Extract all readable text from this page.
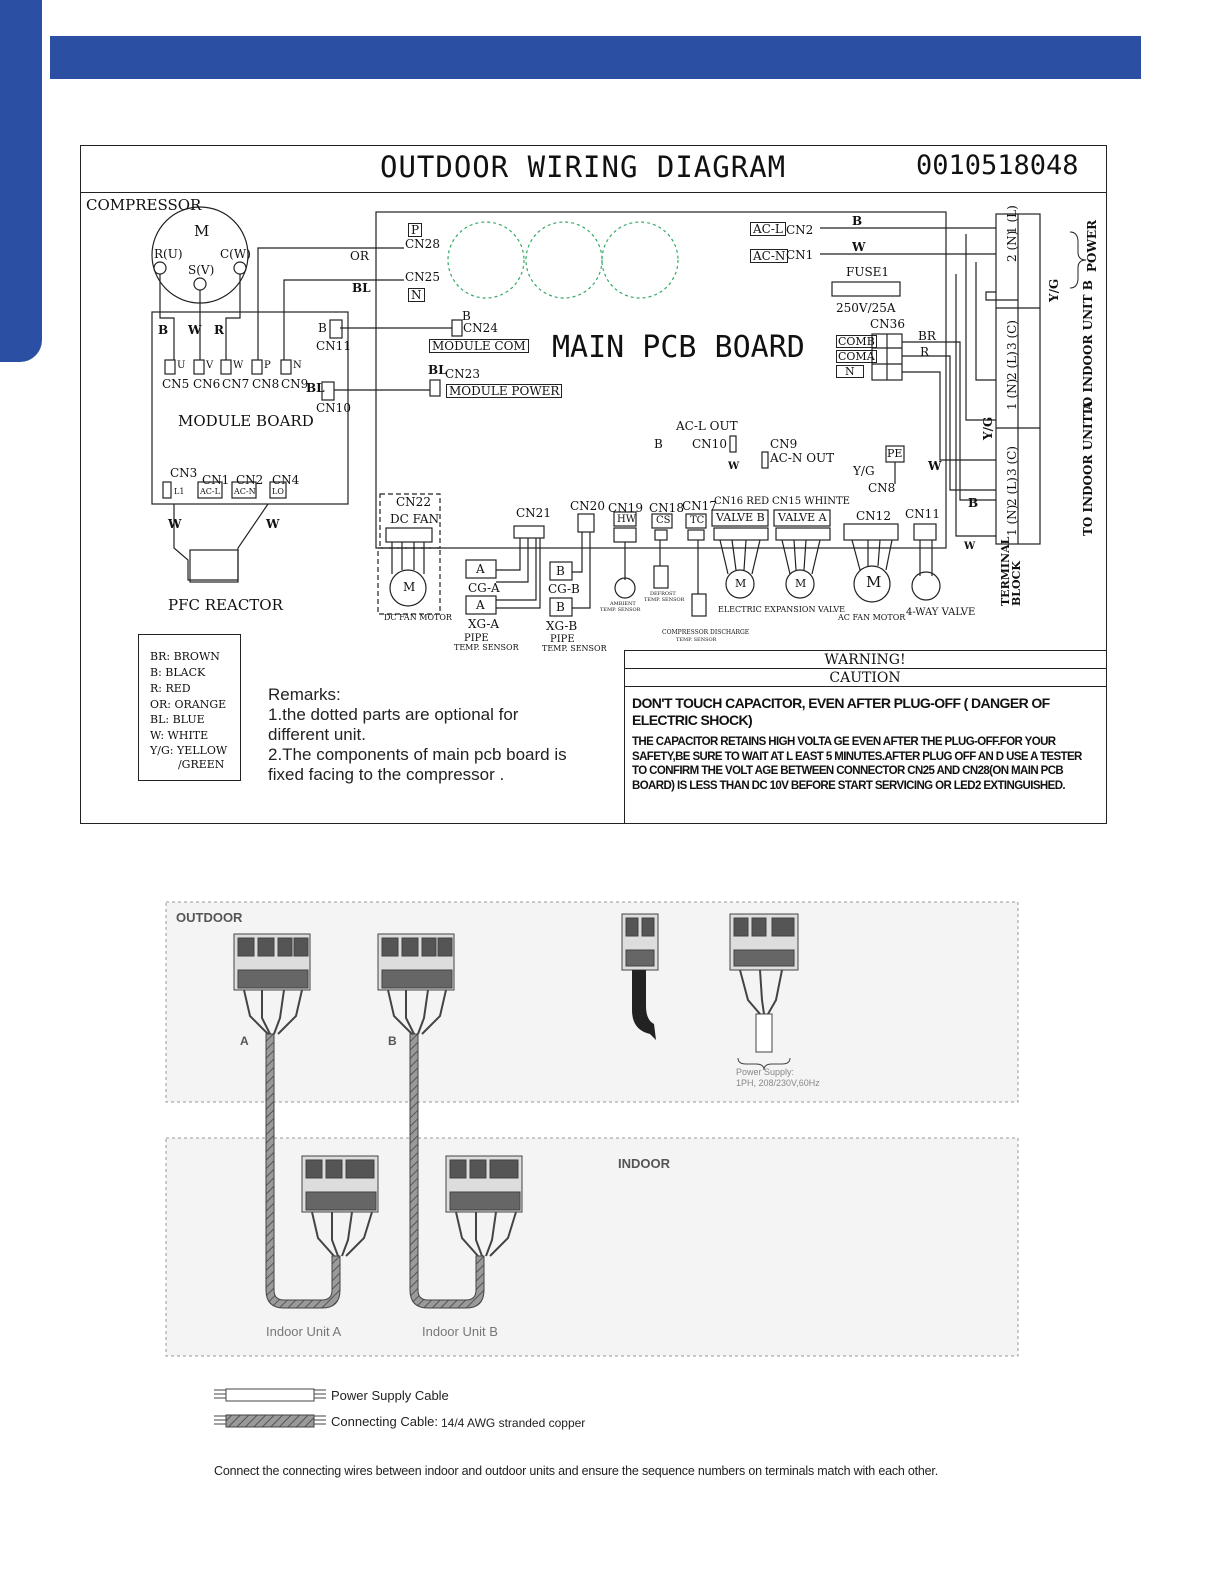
OUTDOOR WIRING DIAGRAM	0010518048
COMPRESSOR
M
R(U)
S(V)
C(W)	OR
BL
B W R
U V W P N
CN5 CN6 CN7 CN8 CN9
B
CN11
BL
CN10
MODULE BOARD
CN3 CN1 CN2 CN4
L1 AC-L AC-N LO
W	W
PFC REACTOR
MAIN PCB BOARD
P
CN28
CN25
N
B
CN24
MODULE COM
BL
CN23
MODULE POWER
AC-L CN2
AC-N CN1
B
W
FUSE1
250V/25A
CN36
COMB
COMA
N
BR
R
AC-L OUT
B CN10
W
CN9
AC-N OUT	PE
Y/G
CN8
W
B
W
CN22
DC FAN	CN21 CN20 CN19
HW
CN18
CS
CN17
TC
CN16 RED
VALVE B
CN15 WHINTE
VALVE A CN12 CN11
M
DC FAN MOTOR
A
CG-A
A
XG-A
PIPE
TEMP. SENSOR
B
CG-B
B
XG-B
PIPE
TEMP. SENSOR
AMBIENT
TEMP. SENSOR
DEFROST
TEMP. SENSOR
COMPRESSOR DISCHARGE
TEMP. SENSOR
M	M
ELECTRIC EXPANSION VALVE
M
AC FAN MOTOR 4-WAY VALVE
2 (N)
1 (L)
1 (N)
2 (L)
3 (C)
1 (N)
2 (L)
3 (C)
Y/G
Y/G
POWER
TO INDOOR UNIT B
TO INDOOR UNIT A
TERMINAL BLOCK
BR: BROWN
B: BLACK
R: RED
OR: ORANGE
BL: BLUE
W: WHITE
Y/G: YELLOW
/GREEN
Remarks:
1.the dotted parts are optional for
different unit.
2.The components of main pcb board is
fixed facing to the compressor .
WARNING!
CAUTION
DON'T TOUCH CAPACITOR, EVEN AFTER PLUG-OFF ( DANGER OF ELECTRIC SHOCK)
THE CAPACITOR RETAINS HIGH VOLTA GE EVEN AFTER THE PLUG-OFF.FOR YOUR SAFETY,BE SURE TO WAIT AT L EAST 5 MINUTES.AFTER PLUG OFF AN D USE A TESTER TO CONFIRM THE VOLT AGE BETWEEN CONNECTOR CN25 AND CN28(ON MAIN PCB BOARD) IS LESS THAN DC 10V BEFORE START SERVICING OR LED2 EXTINGUISHED.
OUTDOOR
INDOOR
A	B
Power Supply:
1PH, 208/230V,60Hz
Indoor Unit A	Indoor Unit B
Power Supply Cable
Connecting Cable: 14/4 AWG stranded copper
Connect the connecting wires between indoor and outdoor units and ensure the sequence numbers on terminals match with each other.
